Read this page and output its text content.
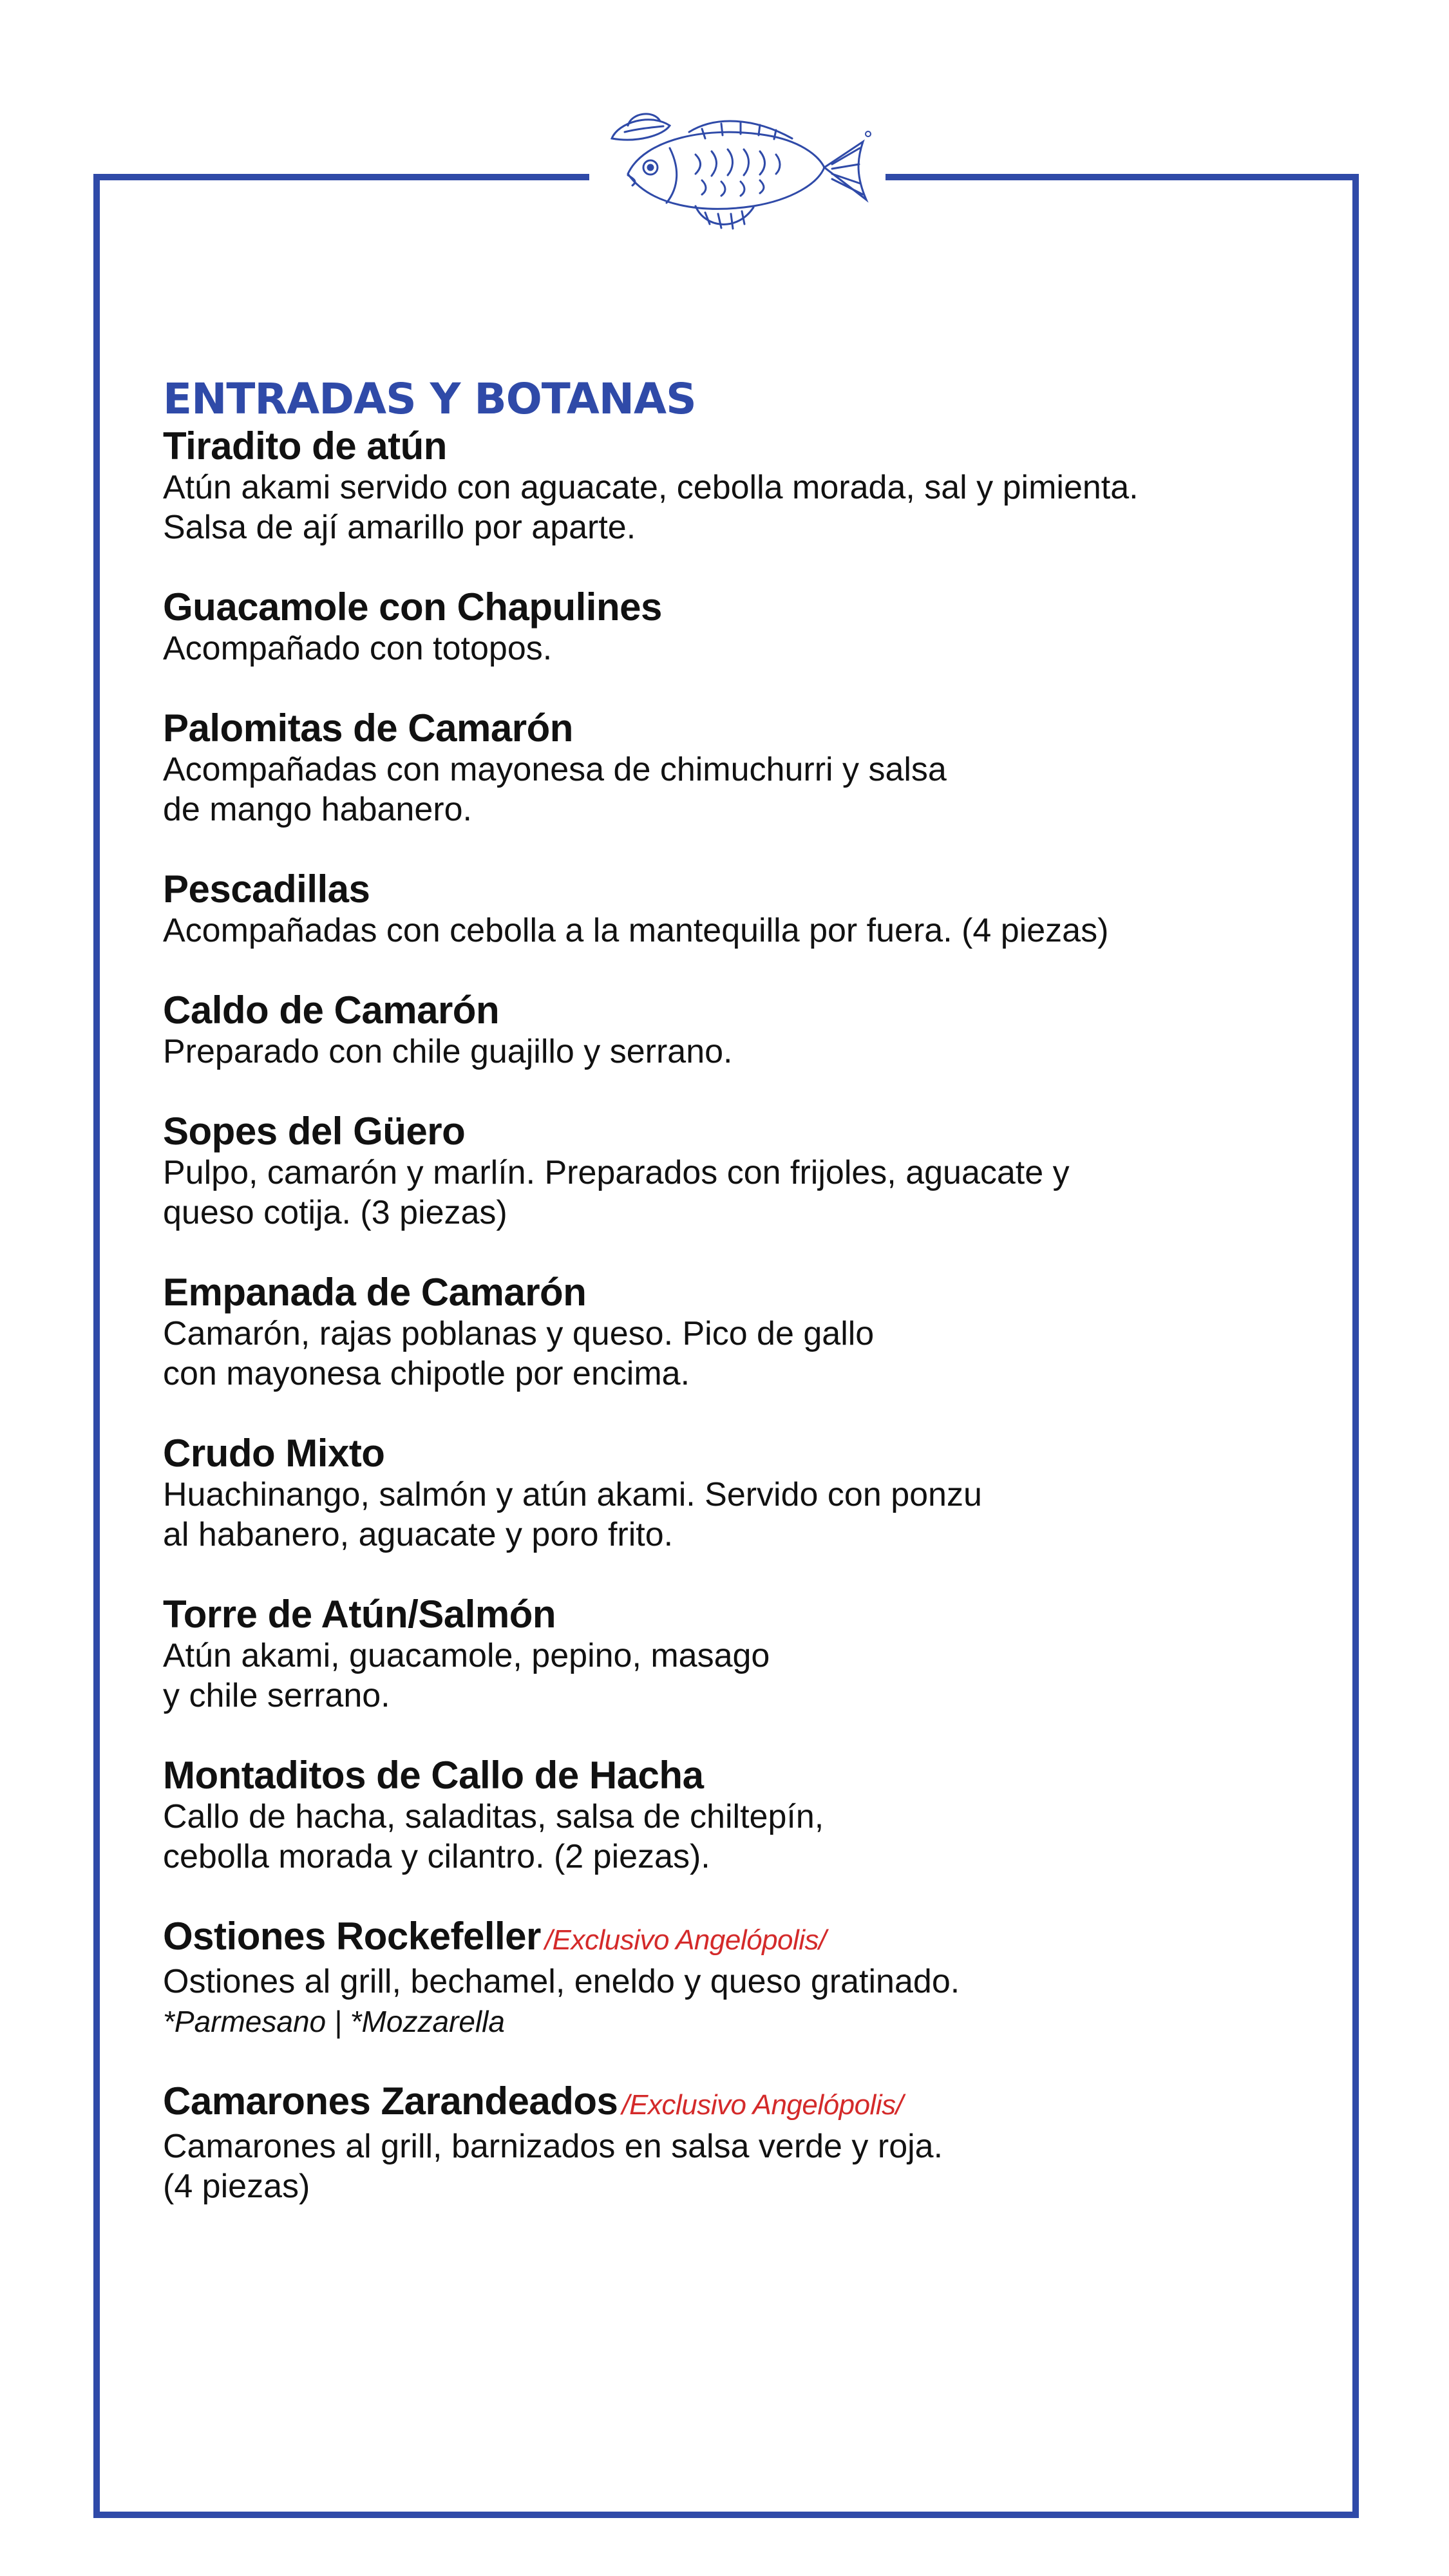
ENTRADAS Y BOTANAS
Tiradito de atún
Atún akami servido con aguacate, cebolla morada, sal y pimienta.
Salsa de ají amarillo por aparte.
Guacamole con Chapulines
Acompañado con totopos.
Palomitas de Camarón
Acompañadas con mayonesa de chimuchurri y salsa
de mango habanero.
Pescadillas
Acompañadas con cebolla a la mantequilla por fuera. (4 piezas)
Caldo de Camarón
Preparado con chile guajillo y serrano.
Sopes del Güero
Pulpo, camarón y marlín. Preparados con frijoles, aguacate y
queso cotija. (3 piezas)
Empanada de Camarón
Camarón, rajas poblanas y queso. Pico de gallo
con mayonesa chipotle por encima.
Crudo Mixto
Huachinango, salmón y atún akami. Servido con ponzu
al habanero, aguacate y poro frito.
Torre de Atún/Salmón
Atún akami, guacamole, pepino, masago
y chile serrano.
Montaditos de Callo de Hacha
Callo de hacha, saladitas, salsa de chiltepín,
cebolla morada y cilantro. (2 piezas).
Ostiones Rockefeller /Exclusivo Angelópolis/
Ostiones al grill, bechamel, eneldo y queso gratinado.
*Parmesano | *Mozzarella
Camarones Zarandeados /Exclusivo Angelópolis/
Camarones al grill, barnizados en salsa verde y roja.
(4 piezas)
